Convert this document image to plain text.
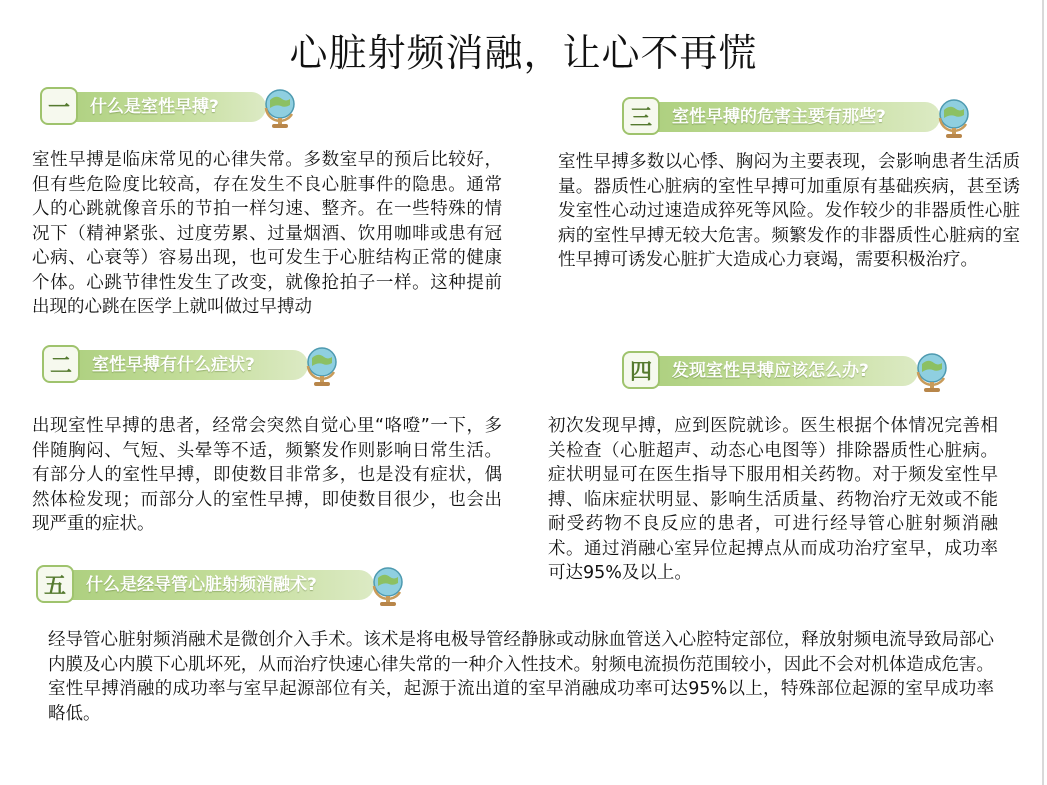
心脏射频消融，让心不再慌
一	什么是室性早搏?

室性早搏是临床常见的心律失常。多数室早的预后比较好，但有些危险度比较高，存在发生不良心脏事件的隐患。通常人的心跳就像音乐的节拍一样匀速、整齐。在一些特殊的情况下（精神紧张、过度劳累、过量烟酒、饮用咖啡或患有冠心病、心衰等）容易出现，也可发生于心脏结构正常的健康个体。心跳节律性发生了改变，就像抢拍子一样。这种提前出现的心跳在医学上就叫做过早搏动

三	室性早搏的危害主要有那些?

室性早搏多数以心悸、胸闷为主要表现，会影响患者生活质量。器质性心脏病的室性早搏可加重原有基础疾病，甚至诱发室性心动过速造成猝死等风险。发作较少的非器质性心脏病的室性早搏无较大危害。频繁发作的非器质性心脏病的室性早搏可诱发心脏扩大造成心力衰竭，需要积极治疗。

二	室性早搏有什么症状?

出现室性早搏的患者，经常会突然自觉心里“咯噔”一下，多伴随胸闷、气短、头晕等不适，频繁发作则影响日常生活。有部分人的室性早搏，即使数目非常多，也是没有症状，偶然体检发现；而部分人的室性早搏，即使数目很少，也会出现严重的症状。

四	发现室性早搏应该怎么办?

初次发现早搏，应到医院就诊。医生根据个体情况完善相关检查（心脏超声、动态心电图等）排除器质性心脏病。症状明显可在医生指导下服用相关药物。对于频发室性早搏、临床症状明显、影响生活质量、药物治疗无效或不能耐受药物不良反应的患者，可进行经导管心脏射频消融术。通过消融心室异位起搏点从而成功治疗室早，成功率可达95%及以上。

五	什么是经导管心脏射频消融术?

经导管心脏射频消融术是微创介入手术。该术是将电极导管经静脉或动脉血管送入心腔特定部位，释放射频电流导致局部心内膜及心内膜下心肌坏死，从而治疗快速心律失常的一种介入性技术。射频电流损伤范围较小，因此不会对机体造成危害。室性早搏消融的成功率与室早起源部位有关，起源于流出道的室早消融成功率可达95%以上，特殊部位起源的室早成功率略低。
